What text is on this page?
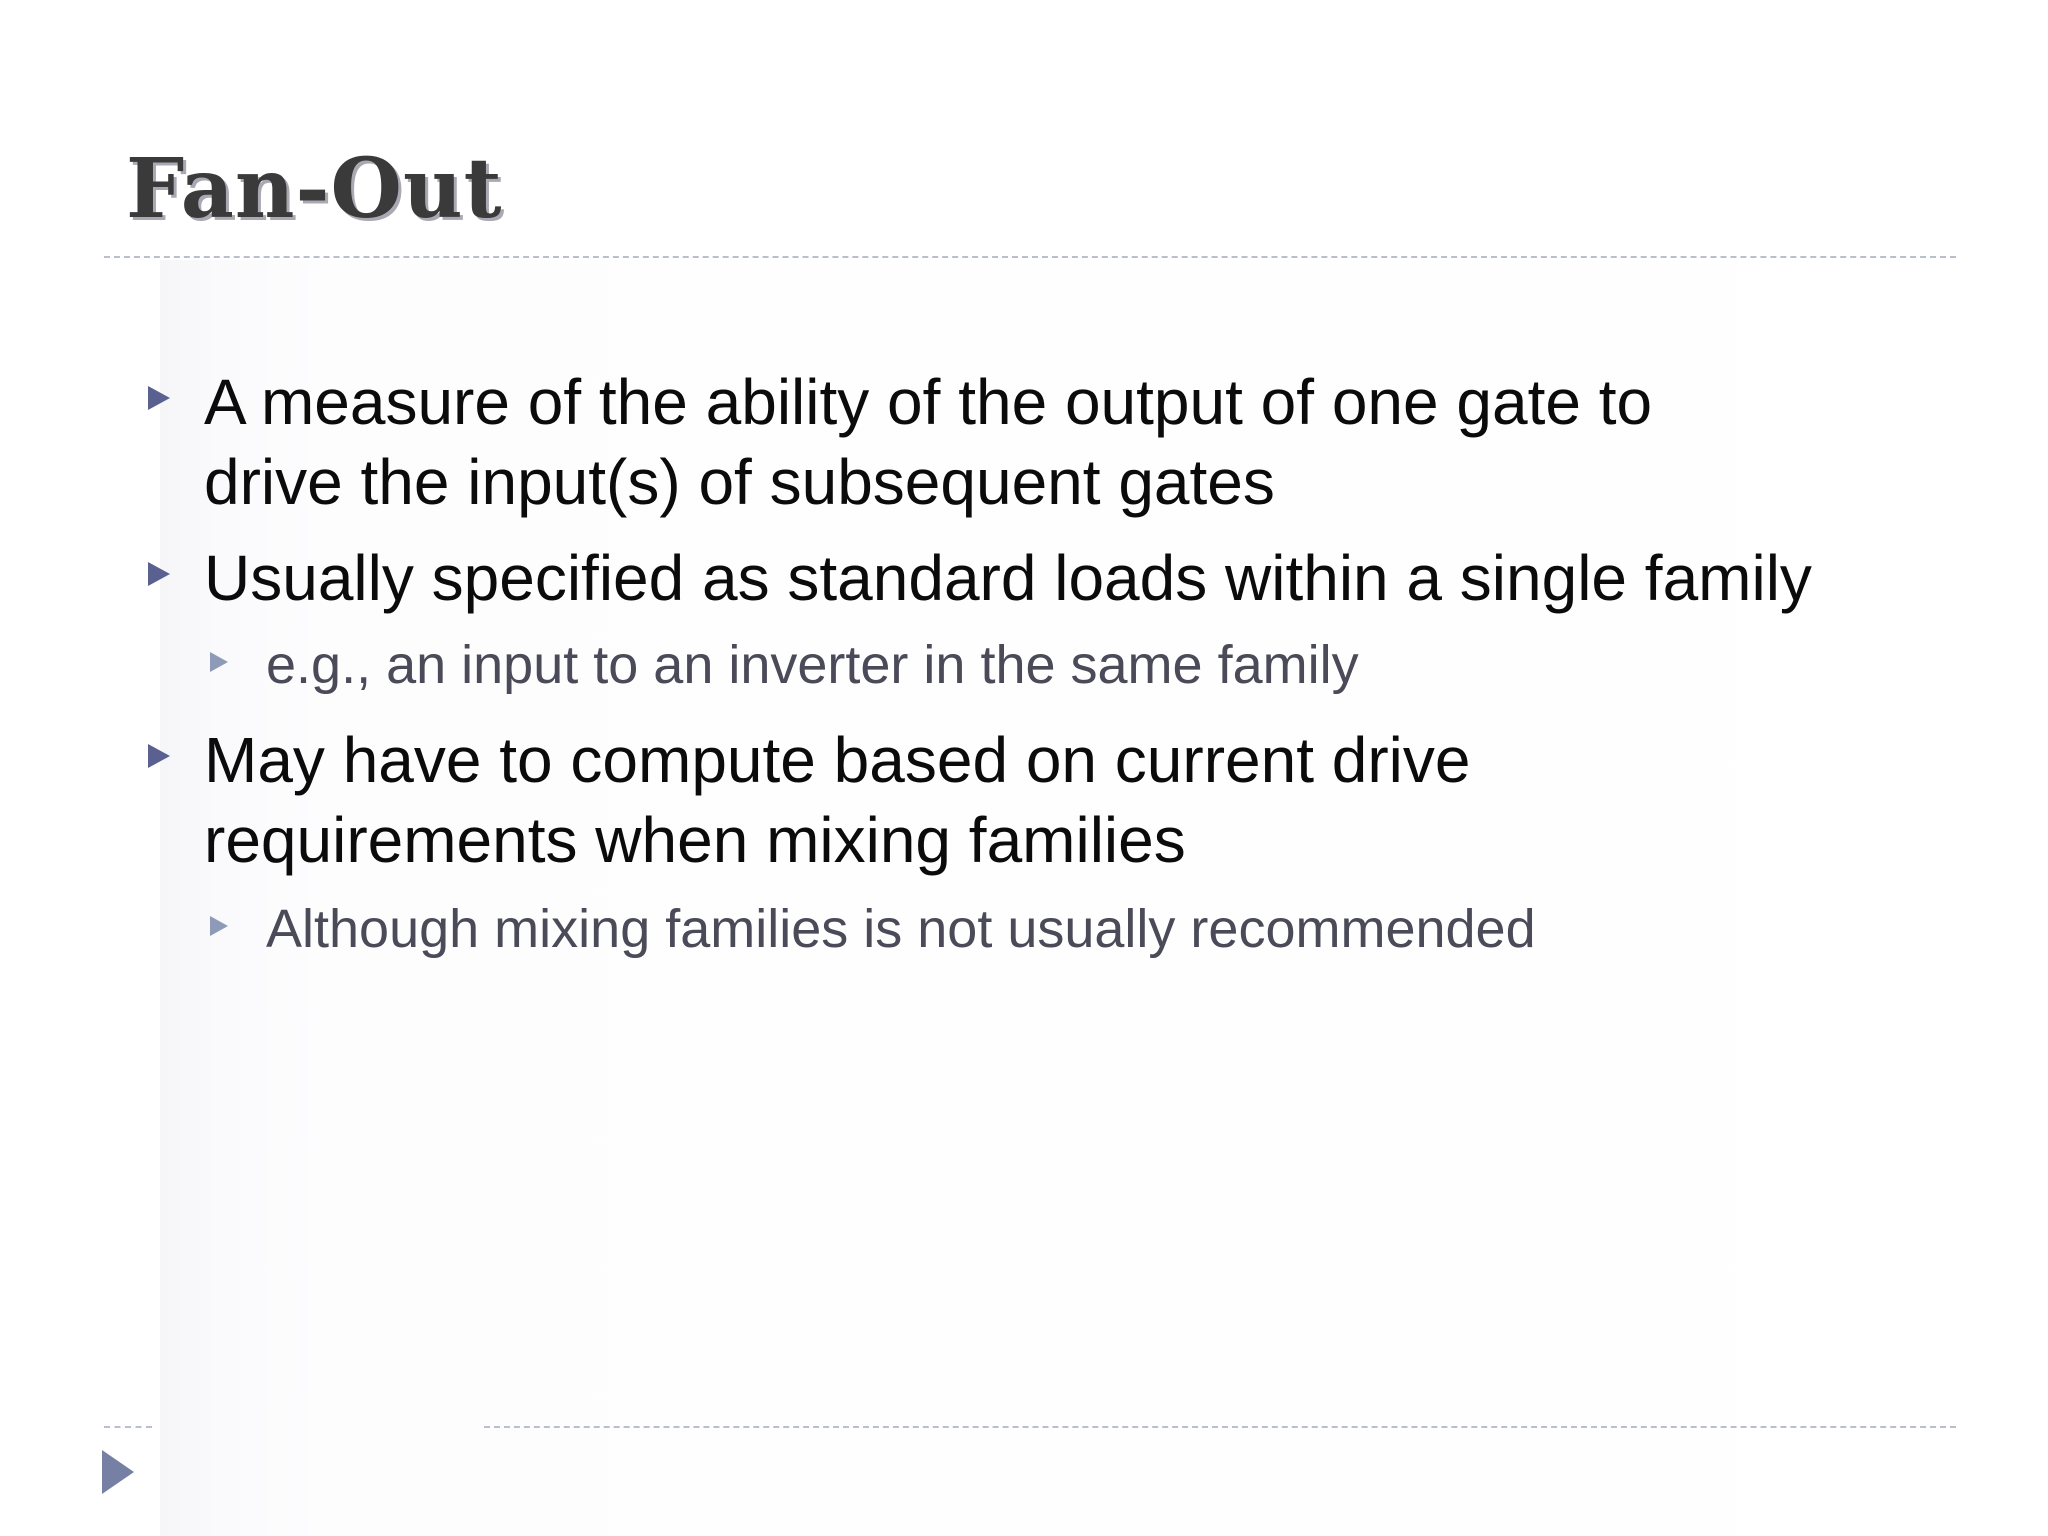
Fan-Out
A measure of the ability of the output of one gate to
drive the input(s) of subsequent gates
Usually specified as standard loads within a single family
e.g., an input to an inverter in the same family
May have to compute based on current drive
requirements when mixing families
Although mixing families is not usually recommended
